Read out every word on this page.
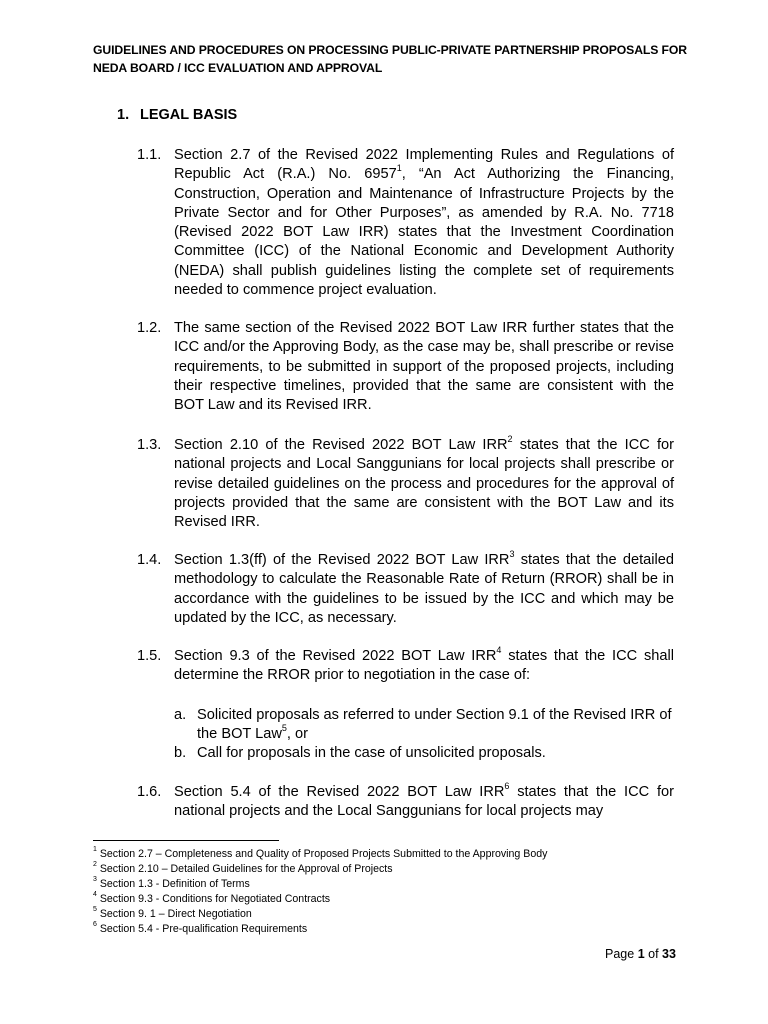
GUIDELINES AND PROCEDURES ON PROCESSING PUBLIC-PRIVATE PARTNERSHIP PROPOSALS FOR
NEDA BOARD / ICC EVALUATION AND APPROVAL
1. LEGAL BASIS
1.1. Section 2.7 of the Revised 2022 Implementing Rules and Regulations of Republic Act (R.A.) No. 6957$^1$, “An Act Authorizing the Financing, Construction, Operation and Maintenance of Infrastructure Projects by the Private Sector and for Other Purposes”, as amended by R.A. No. 7718 (Revised 2022 BOT Law IRR) states that the Investment Coordination Committee (ICC) of the National Economic and Development Authority (NEDA) shall publish guidelines listing the complete set of requirements needed to commence project evaluation.
1.2. The same section of the Revised 2022 BOT Law IRR further states that the ICC and/or the Approving Body, as the case may be, shall prescribe or revise requirements, to be submitted in support of the proposed projects, including their respective timelines, provided that the same are consistent with the BOT Law and its Revised IRR.
1.3. Section 2.10 of the Revised 2022 BOT Law IRR$^2$ states that the ICC for national projects and Local Sanggunians for local projects shall prescribe or revise detailed guidelines on the process and procedures for the approval of projects provided that the same are consistent with the BOT Law and its Revised IRR.
1.4. Section 1.3(ff) of the Revised 2022 BOT Law IRR$^3$ states that the detailed methodology to calculate the Reasonable Rate of Return (RROR) shall be in accordance with the guidelines to be issued by the ICC and which may be updated by the ICC, as necessary.
1.5. Section 9.3 of the Revised 2022 BOT Law IRR$^4$ states that the ICC shall determine the RROR prior to negotiation in the case of:
a. Solicited proposals as referred to under Section 9.1 of the Revised IRR of the BOT Law$^5$, or
b. Call for proposals in the case of unsolicited proposals.
1.6. Section 5.4 of the Revised 2022 BOT Law IRR$^6$ states that the ICC for national projects and the Local Sanggunians for local projects may
$^1$ Section 2.7 – Completeness and Quality of Proposed Projects Submitted to the Approving Body
$^2$ Section 2.10 – Detailed Guidelines for the Approval of Projects
$^3$ Section 1.3 - Definition of Terms
$^4$ Section 9.3 - Conditions for Negotiated Contracts
$^5$ Section 9. 1 – Direct Negotiation
$^6$ Section 5.4 - Pre-qualification Requirements
Page 1 of 33
